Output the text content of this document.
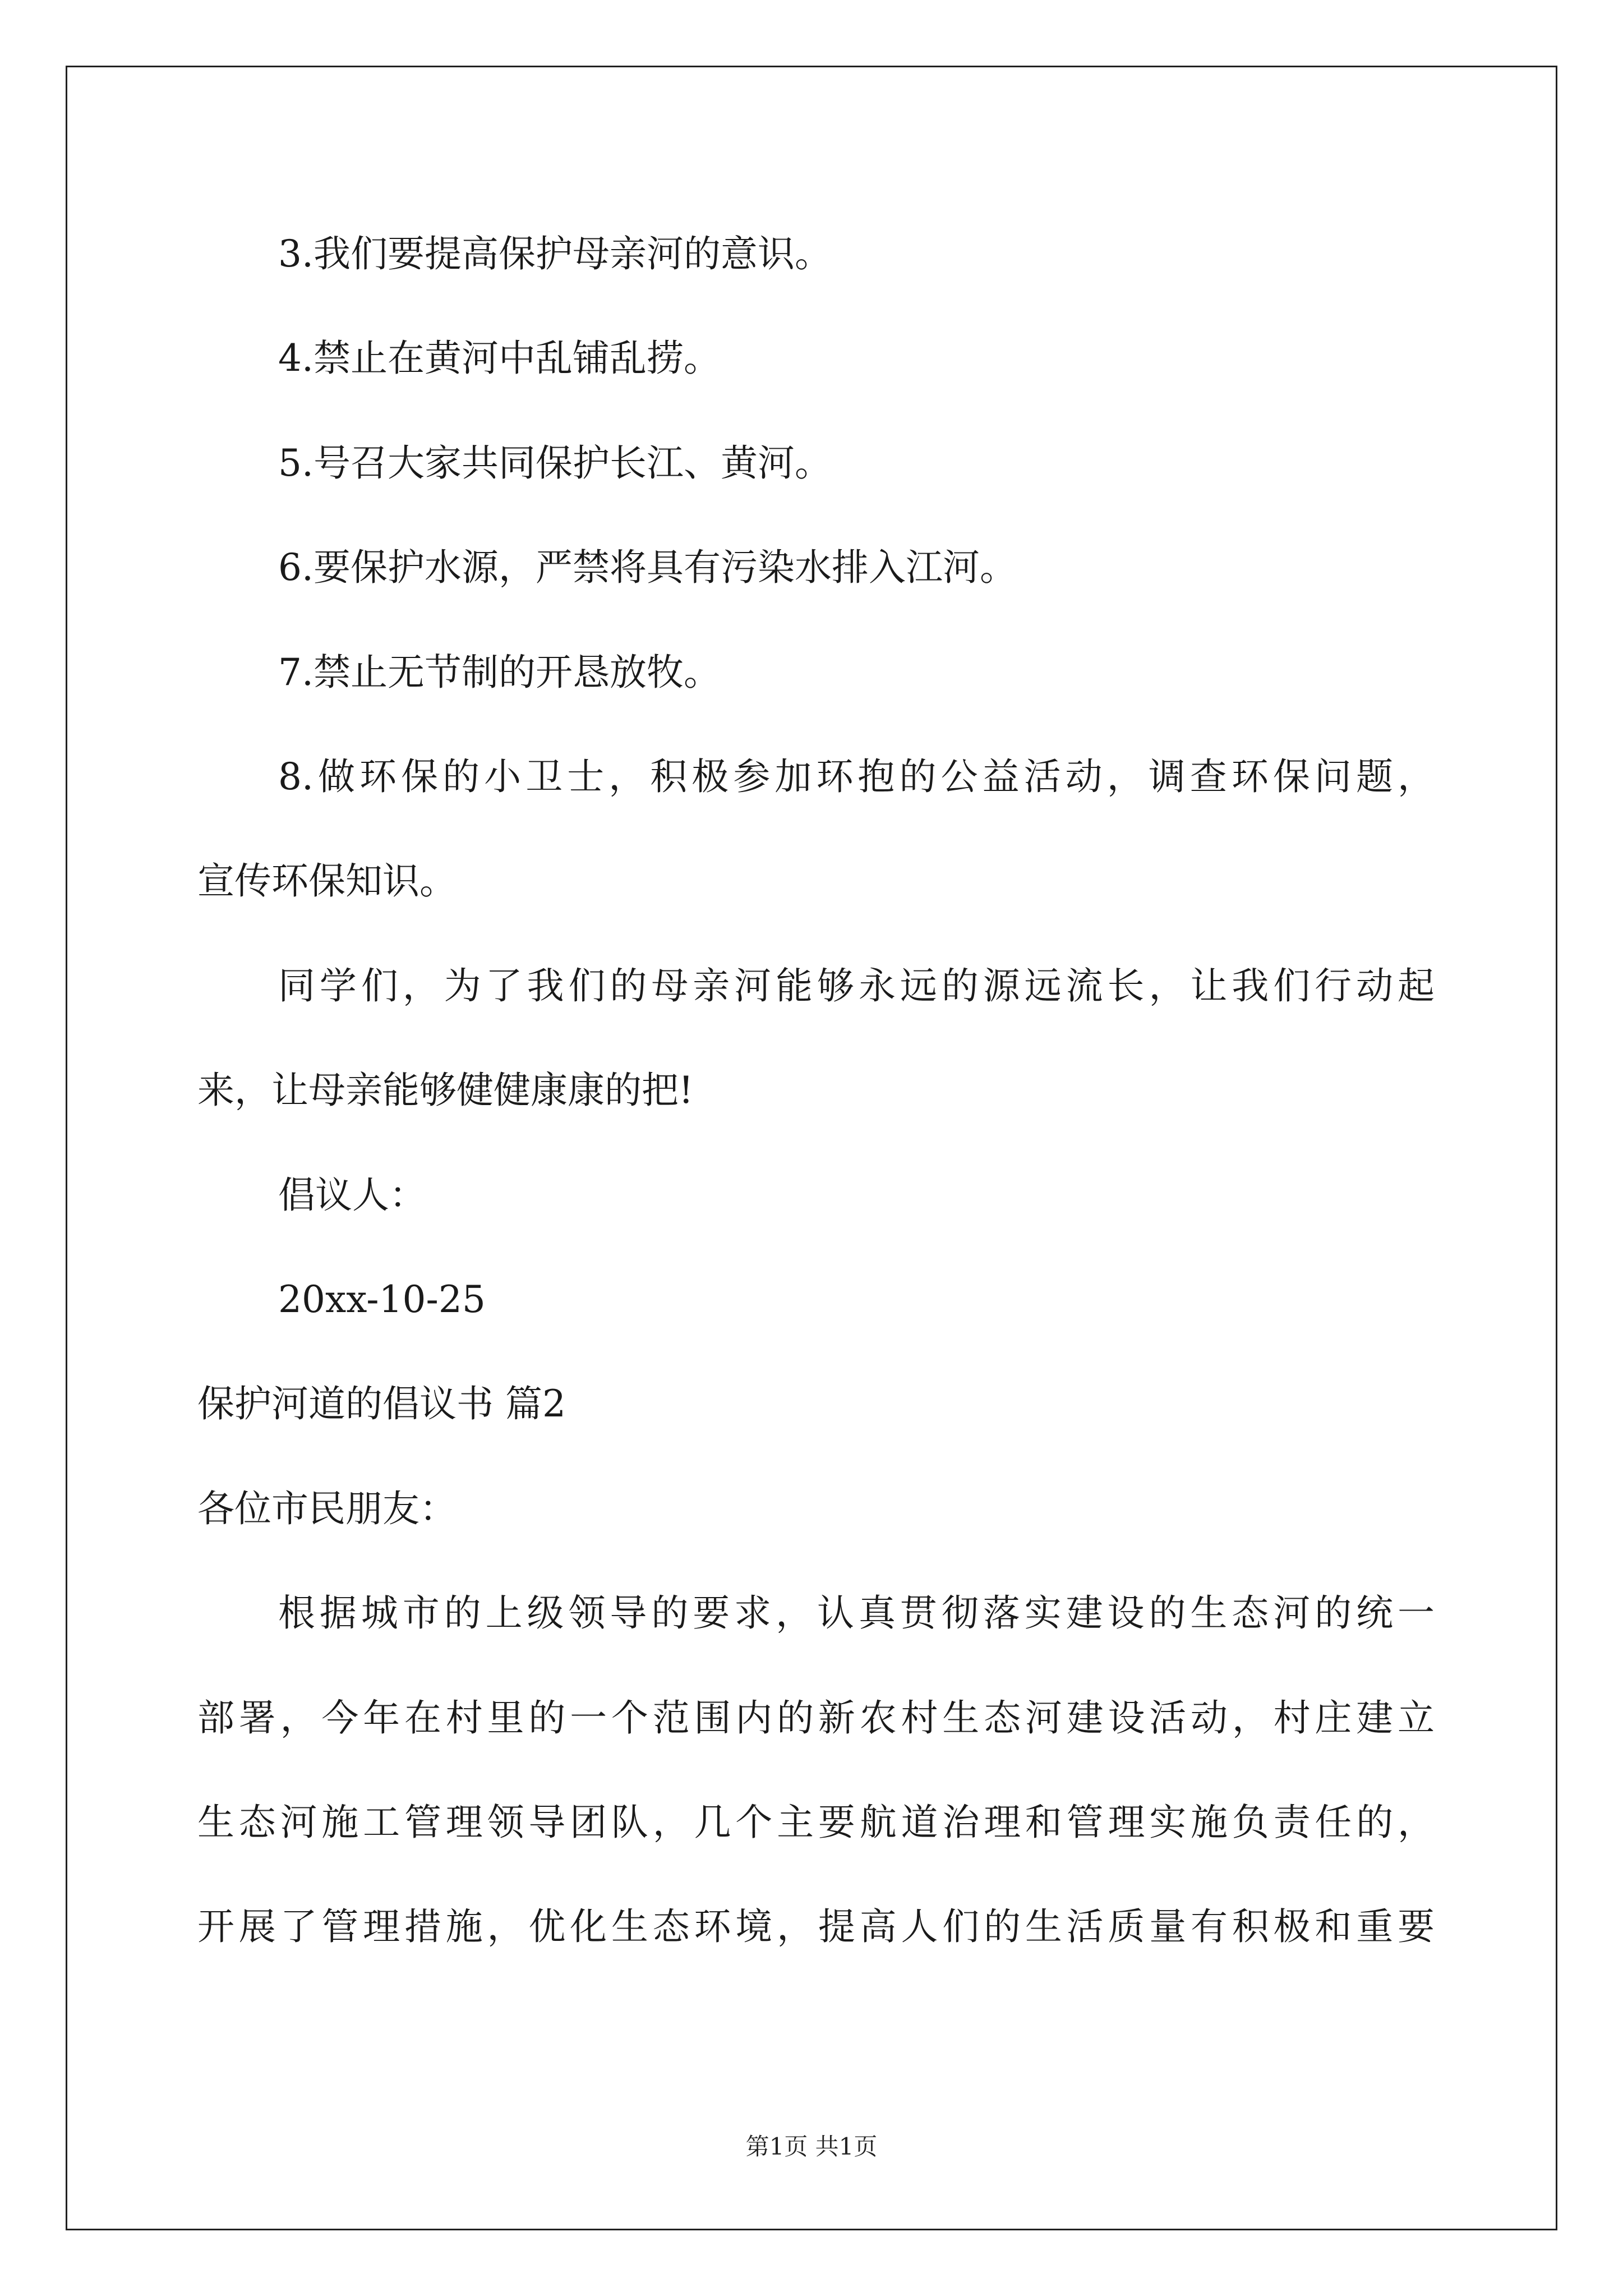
3.我们要提高保护母亲河的意识。

4.禁止在黄河中乱铺乱捞。

5.号召大家共同保护长江、黄河。

6.要保护水源，严禁将具有污染水排入江河。

7.禁止无节制的开恳放牧。

8.做环保的小卫士，积极参加环抱的公益活动，调查环保问题，

宣传环保知识。

同学们，为了我们的母亲河能够永远的源远流长，让我们行动起

来，让母亲能够健健康康的把!

倡议人：

20xx-10-25

保护河道的倡议书 篇2

各位市民朋友：

根据城市的上级领导的要求，认真贯彻落实建设的生态河的统一

部署，今年在村里的一个范围内的新农村生态河建设活动，村庄建立

生态河施工管理领导团队，几个主要航道治理和管理实施负责任的，

开展了管理措施，优化生态环境，提高人们的生活质量有积极和重要

第1页 共1页
